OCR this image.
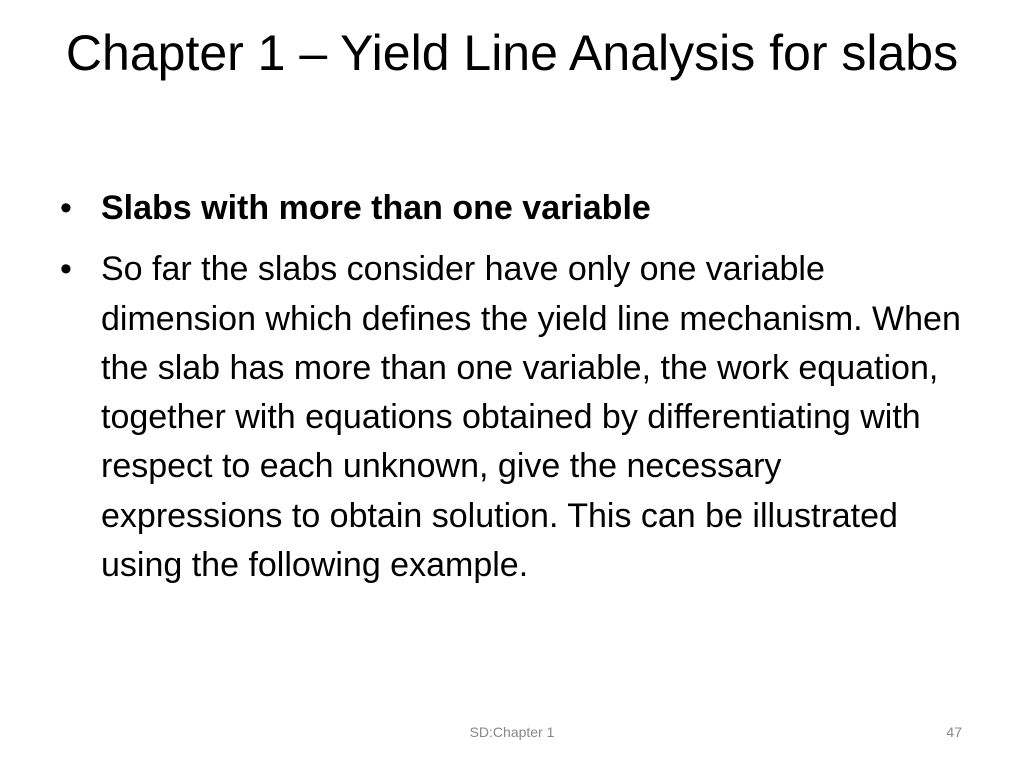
Chapter 1 – Yield Line Analysis for slabs
• Slabs with more than one variable
• So far the slabs consider have only one variable dimension which defines the yield line mechanism. When the slab has more than one variable, the work equation, together with equations obtained by differentiating with respect to each unknown, give the necessary expressions to obtain solution. This can be illustrated using the following example.
SD:Chapter 1	47
